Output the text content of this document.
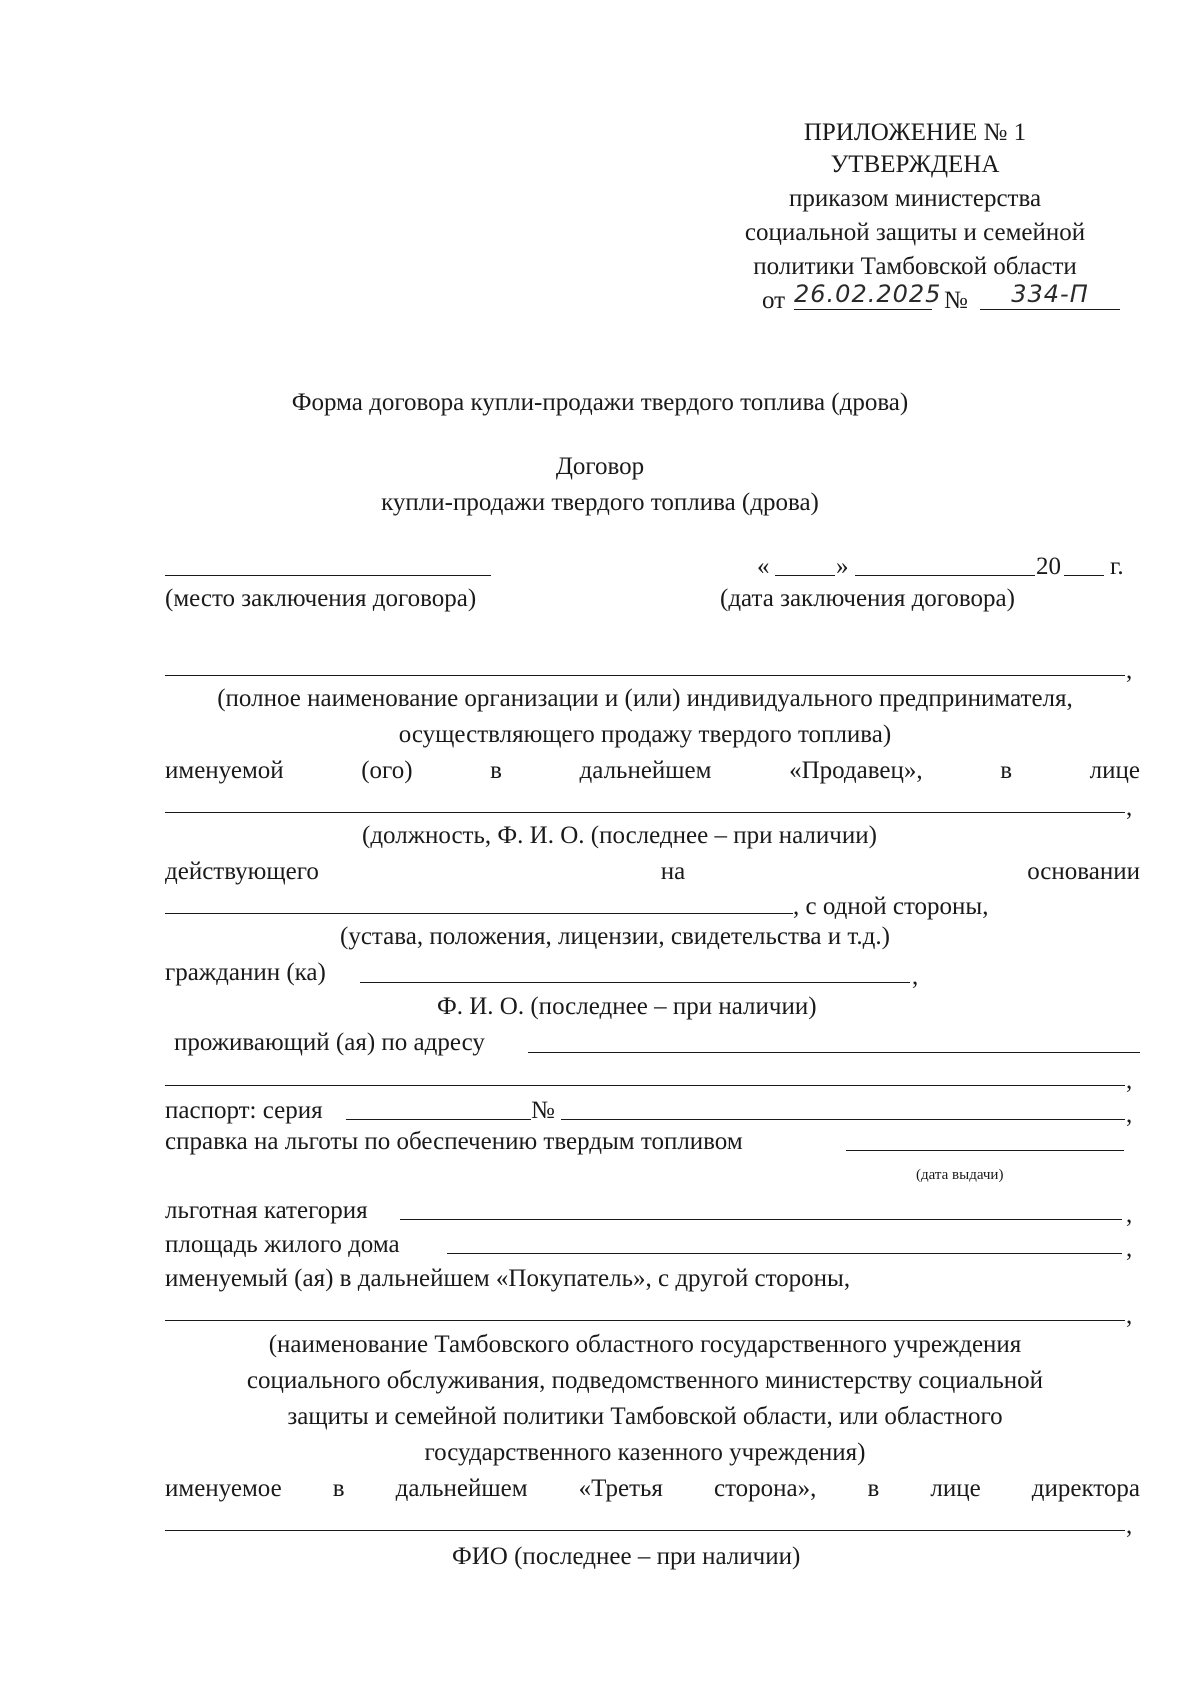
ПРИЛОЖЕНИЕ № 1
УТВЕРЖДЕНА
приказом министерства
социальной защиты и семейной
политики Тамбовской области
от 26.02.2025 №	334-П
Форма договора купли-продажи твердого топлива (дрова)
Договор
купли-продажи твердого топлива (дрова)
«	»	20 г.
(место заключения договора)	(дата заключения договора)
,
(полное наименование организации и (или) индивидуального предпринимателя,
осуществляющего продажу твердого топлива)
именуемой	(ого)	в	дальнейшем	«Продавец»,	в	лице
,
(должность, Ф. И. О. (последнее – при наличии)
действующего	на	основании
, с одной стороны,
(устава, положения, лицензии, свидетельства и т.д.)
гражданин (ка)	,
Ф. И. О. (последнее – при наличии)
проживающий (ая) по адресу
,
паспорт: серия	№	,
справка на льготы по обеспечению твердым топливом
(дата выдачи)
льготная категория	,
площадь жилого дома	,
именуемый (ая) в дальнейшем «Покупатель», с другой стороны,
,
(наименование Тамбовского областного государственного учреждения
социального обслуживания, подведомственного министерству социальной
защиты и семейной политики Тамбовской области, или областного
государственного казенного учреждения)
именуемое в дальнейшем «Третья сторона», в лице директора
,
ФИО (последнее – при наличии)
